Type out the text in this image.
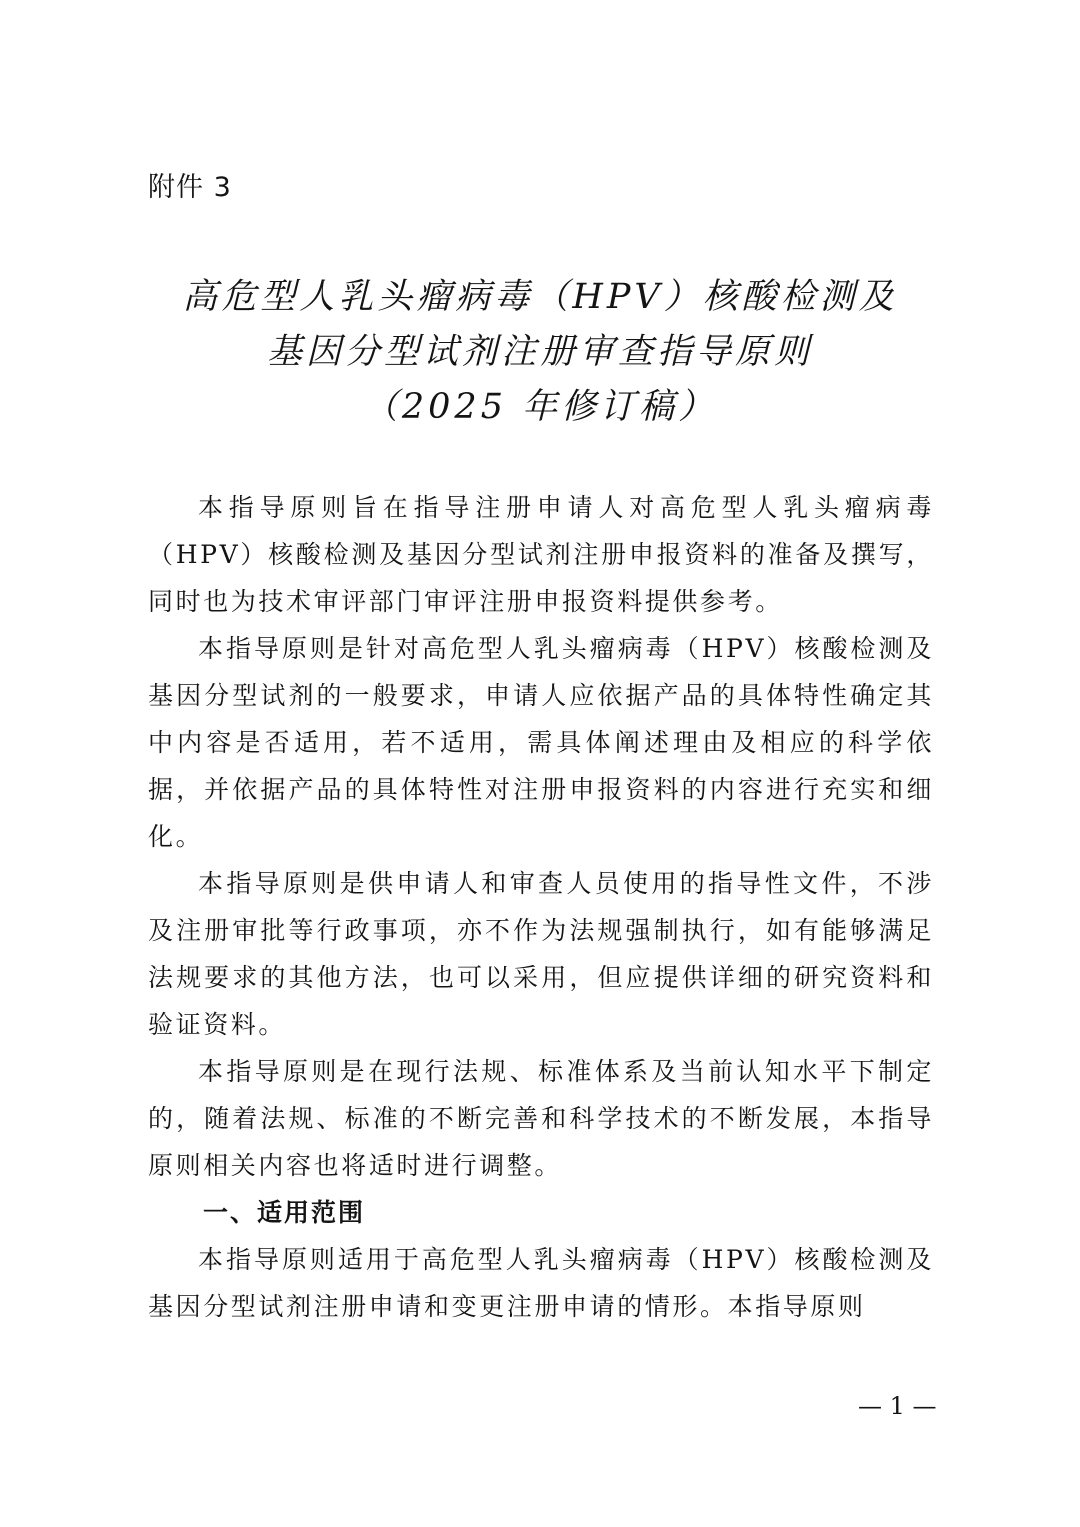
附件 3
高危型人乳头瘤病毒（HPV）核酸检测及
基因分型试剂注册审查指导原则
（2025 年修订稿）

本指导原则旨在指导注册申请人对高危型人乳头瘤病毒（HPV）核酸检测及基因分型试剂注册申报资料的准备及撰写，同时也为技术审评部门审评注册申报资料提供参考。

本指导原则是针对高危型人乳头瘤病毒（HPV）核酸检测及基因分型试剂的一般要求，申请人应依据产品的具体特性确定其中内容是否适用，若不适用，需具体阐述理由及相应的科学依据，并依据产品的具体特性对注册申报资料的内容进行充实和细化。

本指导原则是供申请人和审查人员使用的指导性文件，不涉及注册审批等行政事项，亦不作为法规强制执行，如有能够满足法规要求的其他方法，也可以采用，但应提供详细的研究资料和验证资料。

本指导原则是在现行法规、标准体系及当前认知水平下制定的，随着法规、标准的不断完善和科学技术的不断发展，本指导原则相关内容也将适时进行调整。

一、适用范围

本指导原则适用于高危型人乳头瘤病毒（HPV）核酸检测及基因分型试剂注册申请和变更注册申请的情形。本指导原则

— 1 —
